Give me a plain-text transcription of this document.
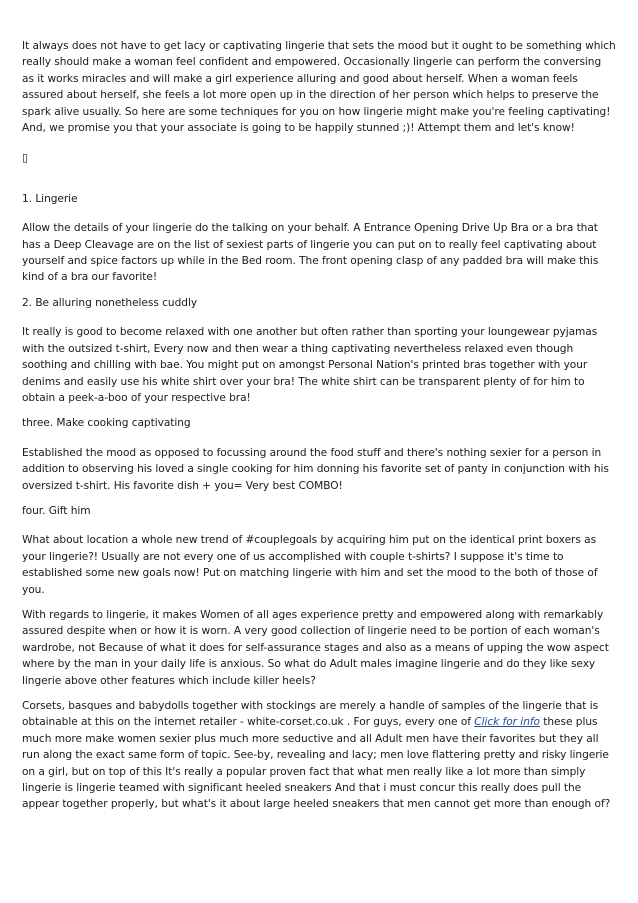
It always does not have to get lacy or captivating lingerie that sets the mood but it ought to be something which really should make a woman feel confident and empowered. Occasionally lingerie can perform the conversing as it works miracles and will make a girl experience alluring and good about herself. When a woman feels assured about herself, she feels a lot more open up in the direction of her person which helps to preserve the spark alive usually. So here are some techniques for you on how lingerie might make you're feeling captivating! And, we promise you that your associate is going to be happily stunned ;)! Attempt them and let's know!

▯

1. Lingerie

Allow the details of your lingerie do the talking on your behalf. A Entrance Opening Drive Up Bra or a bra that has a Deep Cleavage are on the list of sexiest parts of lingerie you can put on to really feel captivating about yourself and spice factors up while in the Bed room. The front opening clasp of any padded bra will make this kind of a bra our favorite!

2. Be alluring nonetheless cuddly

It really is good to become relaxed with one another but often rather than sporting your loungewear pyjamas with the outsized t-shirt, Every now and then wear a thing captivating nevertheless relaxed even though soothing and chilling with bae. You might put on amongst Personal Nation's printed bras together with your denims and easily use his white shirt over your bra! The white shirt can be transparent plenty of for him to obtain a peek-a-boo of your respective bra!

three. Make cooking captivating

Established the mood as opposed to focussing around the food stuff and there's nothing sexier for a person in addition to observing his loved a single cooking for him donning his favorite set of panty in conjunction with his oversized t-shirt. His favorite dish + you= Very best COMBO!

four. Gift him

What about location a whole new trend of #couplegoals by acquiring him put on the identical print boxers as your lingerie?! Usually are not every one of us accomplished with couple t-shirts? I suppose it's time to established some new goals now! Put on matching lingerie with him and set the mood to the both of those of you.

With regards to lingerie, it makes Women of all ages experience pretty and empowered along with remarkably assured despite when or how it is worn. A very good collection of lingerie need to be portion of each woman's wardrobe, not Because of what it does for self-assurance stages and also as a means of upping the wow aspect where by the man in your daily life is anxious. So what do Adult males imagine lingerie and do they like sexy lingerie above other features which include killer heels?

Corsets, basques and babydolls together with stockings are merely a handle of samples of the lingerie that is obtainable at this on the internet retailer - white-corset.co.uk . For guys, every one of Click for info these plus much more make women sexier plus much more seductive and all Adult men have their favorites but they all run along the exact same form of topic. See-by, revealing and lacy; men love flattering pretty and risky lingerie on a girl, but on top of this It's really a popular proven fact that what men really like a lot more than simply lingerie is lingerie teamed with significant heeled sneakers And that i must concur this really does pull the appear together properly, but what's it about large heeled sneakers that men cannot get more than enough of?
